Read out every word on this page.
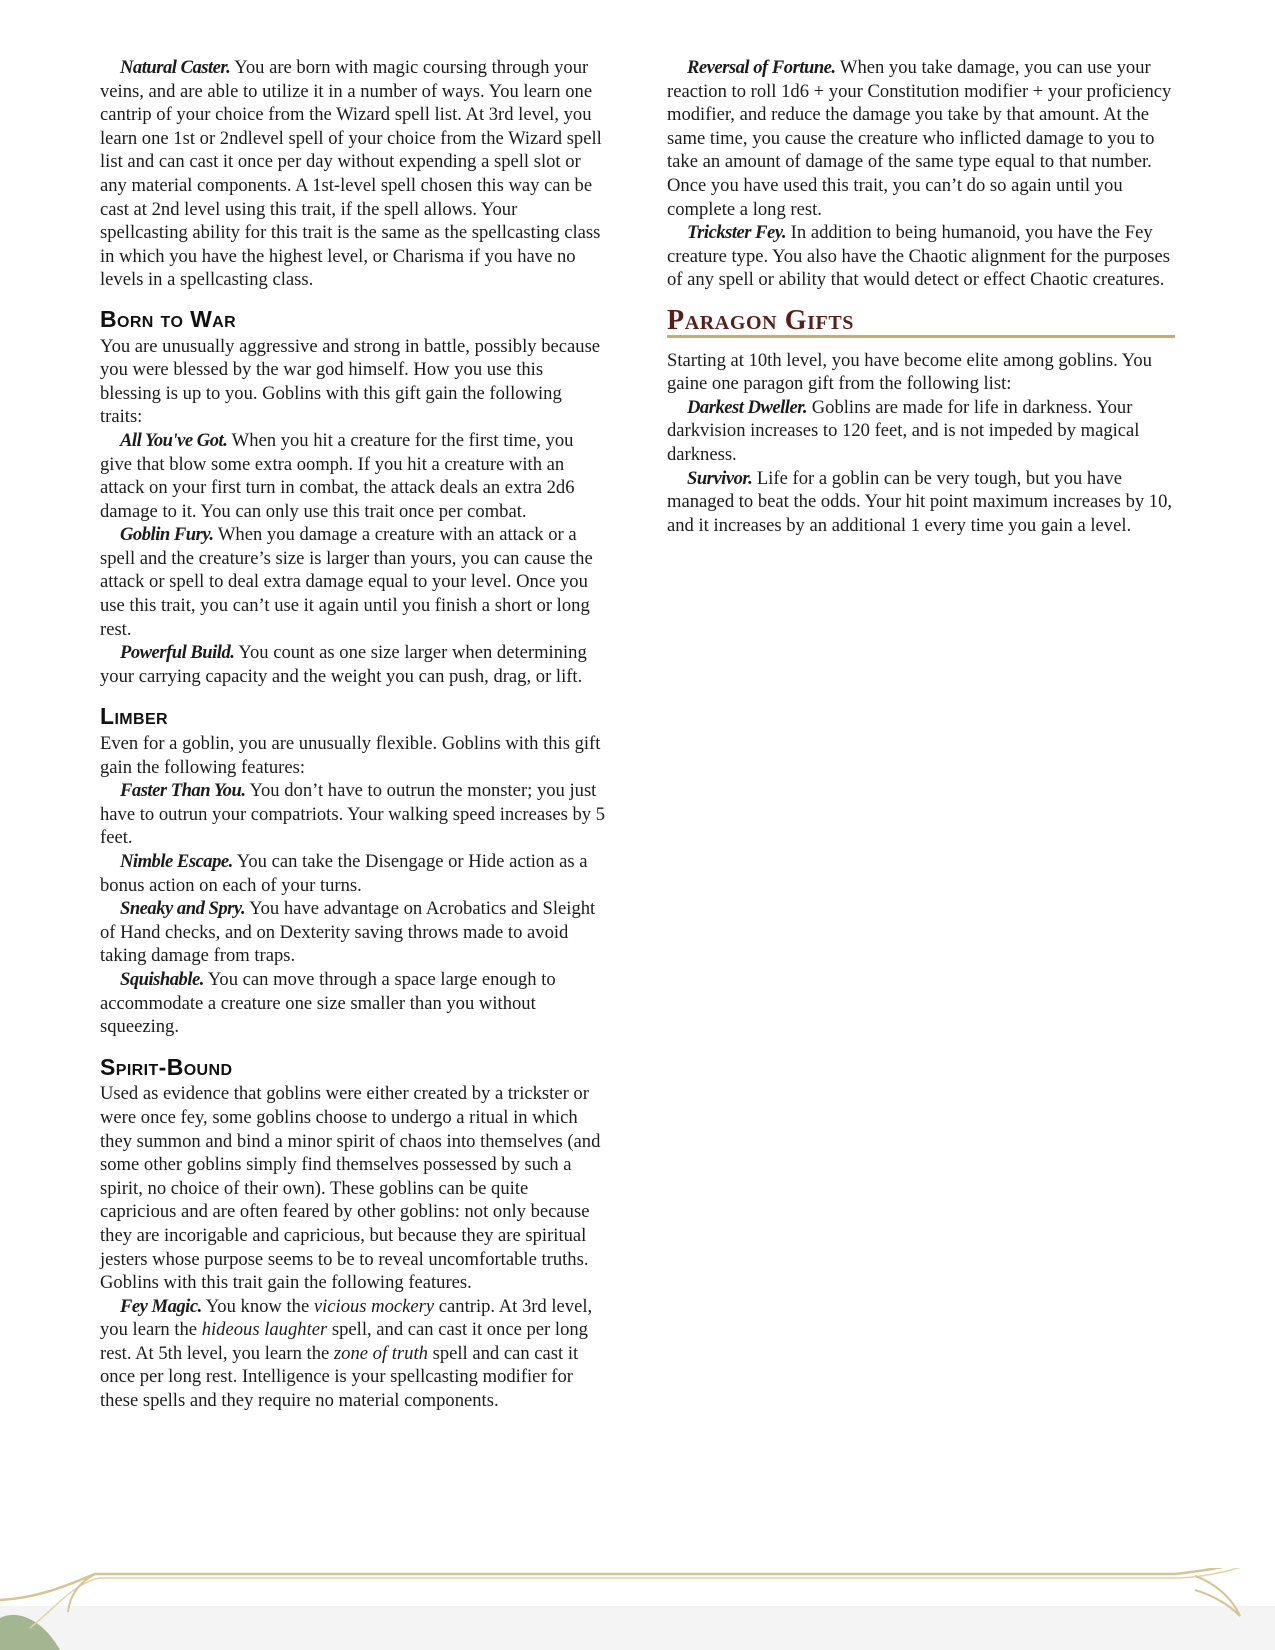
Natural Caster. You are born with magic coursing through your veins, and are able to utilize it in a number of ways. You learn one cantrip of your choice from the Wizard spell list. At 3rd level, you learn one 1st or 2ndlevel spell of your choice from the Wizard spell list and can cast it once per day without expending a spell slot or any material components. A 1st-level spell chosen this way can be cast at 2nd level using this trait, if the spell allows. Your spellcasting ability for this trait is the same as the spellcasting class in which you have the highest level, or Charisma if you have no levels in a spellcasting class.

Born to War

You are unusually aggressive and strong in battle, possibly because you were blessed by the war god himself. How you use this blessing is up to you. Goblins with this gift gain the following traits:

All You've Got. When you hit a creature for the first time, you give that blow some extra oomph. If you hit a creature with an attack on your first turn in combat, the attack deals an extra 2d6 damage to it. You can only use this trait once per combat.

Goblin Fury. When you damage a creature with an attack or a spell and the creature’s size is larger than yours, you can cause the attack or spell to deal extra damage equal to your level. Once you use this trait, you can’t use it again until you finish a short or long rest.

Powerful Build. You count as one size larger when determining your carrying capacity and the weight you can push, drag, or lift.

Limber

Even for a goblin, you are unusually flexible. Goblins with this gift gain the following features:

Faster Than You. You don’t have to outrun the monster; you just have to outrun your compatriots. Your walking speed increases by 5 feet.

Nimble Escape. You can take the Disengage or Hide action as a bonus action on each of your turns.

Sneaky and Spry. You have advantage on Acrobatics and Sleight of Hand checks, and on Dexterity saving throws made to avoid taking damage from traps.

Squishable. You can move through a space large enough to accommodate a creature one size smaller than you without squeezing.

Spirit-Bound

Used as evidence that goblins were either created by a trickster or were once fey, some goblins choose to undergo a ritual in which they summon and bind a minor spirit of chaos into themselves (and some other goblins simply find themselves possessed by such a spirit, no choice of their own). These goblins can be quite capricious and are often feared by other goblins: not only because they are incorigable and capricious, but because they are spiritual jesters whose purpose seems to be to reveal uncomfortable truths. Goblins with this trait gain the following features.

Fey Magic. You know the vicious mockery cantrip. At 3rd level, you learn the hideous laughter spell, and can cast it once per long rest. At 5th level, you learn the zone of truth spell and can cast it once per long rest. Intelligence is your spellcasting modifier for these spells and they require no material components.

Reversal of Fortune. When you take damage, you can use your reaction to roll 1d6 + your Constitution modifier + your proficiency modifier, and reduce the damage you take by that amount. At the same time, you cause the creature who inflicted damage to you to take an amount of damage of the same type equal to that number. Once you have used this trait, you can’t do so again until you complete a long rest.

Trickster Fey. In addition to being humanoid, you have the Fey creature type. You also have the Chaotic alignment for the purposes of any spell or ability that would detect or effect Chaotic creatures.

Paragon Gifts

Starting at 10th level, you have become elite among goblins. You gaine one paragon gift from the following list:

Darkest Dweller. Goblins are made for life in darkness. Your darkvision increases to 120 feet, and is not impeded by magical darkness.

Survivor. Life for a goblin can be very tough, but you have managed to beat the odds. Your hit point maximum increases by 10, and it increases by an additional 1 every time you gain a level.
